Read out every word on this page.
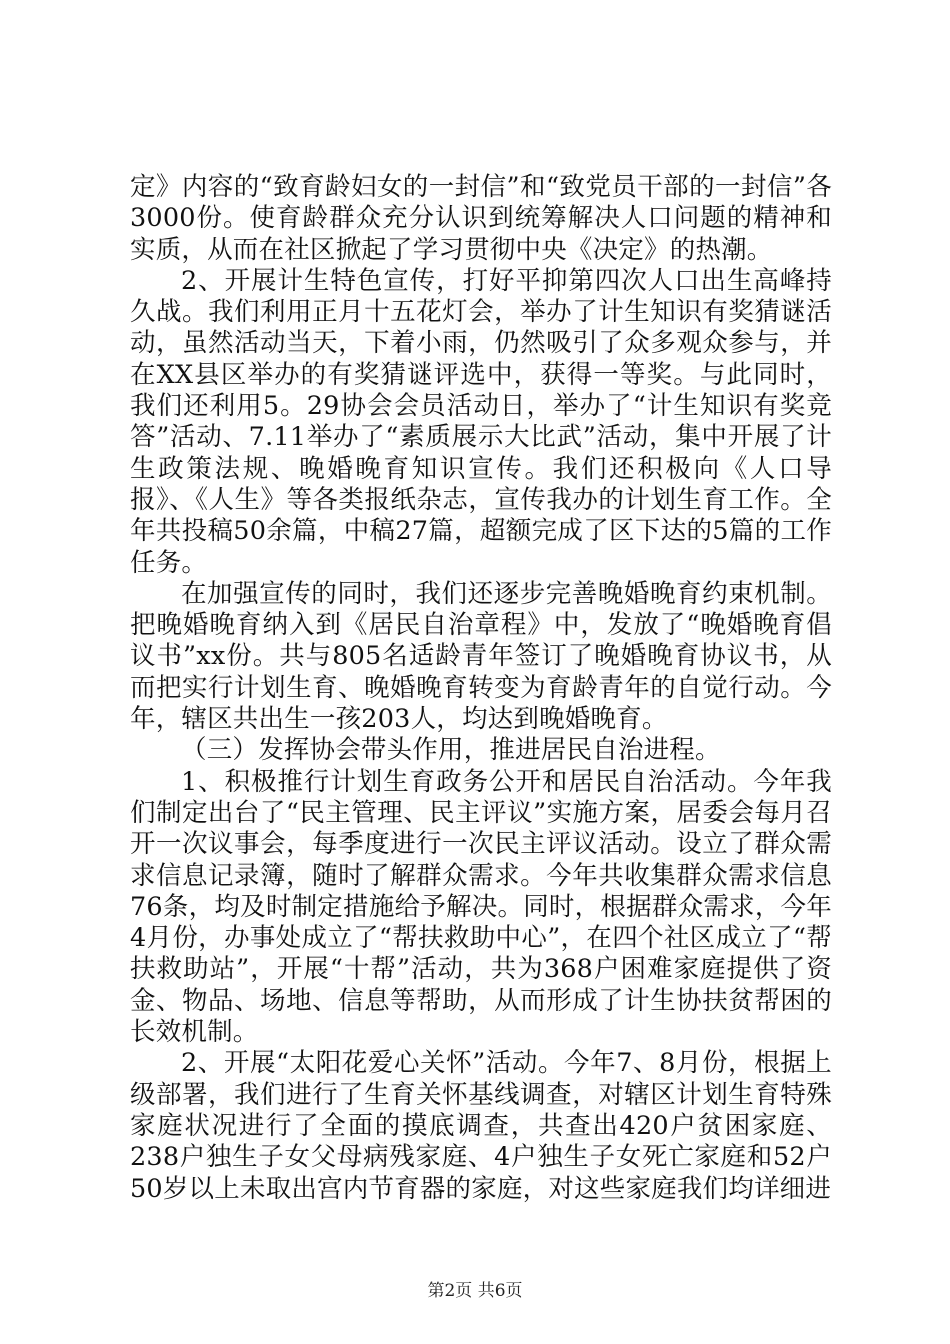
定》内容的“致育龄妇女的一封信”和“致党员干部的一封信”各3000份。使育龄群众充分认识到统筹解决人口问题的精神和实质，从而在社区掀起了学习贯彻中央《决定》的热潮。

2、开展计生特色宣传，打好平抑第四次人口出生高峰持久战。我们利用正月十五花灯会，举办了计生知识有奖猜谜活动，虽然活动当天，下着小雨，仍然吸引了众多观众参与，并在XX县区举办的有奖猜谜评选中，获得一等奖。与此同时，我们还利用5。29协会会员活动日，举办了“计生知识有奖竞答”活动、7.11举办了“素质展示大比武”活动，集中开展了计生政策法规、晚婚晚育知识宣传。我们还积极向《人口导报》、《人生》等各类报纸杂志，宣传我办的计划生育工作。全年共投稿50余篇，中稿27篇，超额完成了区下达的5篇的工作任务。

在加强宣传的同时，我们还逐步完善晚婚晚育约束机制。把晚婚晚育纳入到《居民自治章程》中，发放了“晚婚晚育倡议书”xx份。共与805名适龄青年签订了晚婚晚育协议书，从而把实行计划生育、晚婚晚育转变为育龄青年的自觉行动。今年，辖区共出生一孩203人，均达到晚婚晚育。

（三）发挥协会带头作用，推进居民自治进程。

1、积极推行计划生育政务公开和居民自治活动。今年我们制定出台了“民主管理、民主评议”实施方案，居委会每月召开一次议事会，每季度进行一次民主评议活动。设立了群众需求信息记录簿，随时了解群众需求。今年共收集群众需求信息76条，均及时制定措施给予解决。同时，根据群众需求，今年4月份，办事处成立了“帮扶救助中心”，在四个社区成立了“帮扶救助站”，开展“十帮”活动，共为368户困难家庭提供了资金、物品、场地、信息等帮助，从而形成了计生协扶贫帮困的长效机制。

2、开展“太阳花爱心关怀”活动。今年7、8月份，根据上级部署，我们进行了生育关怀基线调查，对辖区计划生育特殊家庭状况进行了全面的摸底调查，共查出420户贫困家庭、238户独生子女父母病残家庭、4户独生子女死亡家庭和52户50岁以上未取出宫内节育器的家庭，对这些家庭我们均详细进

第2页 共6页
